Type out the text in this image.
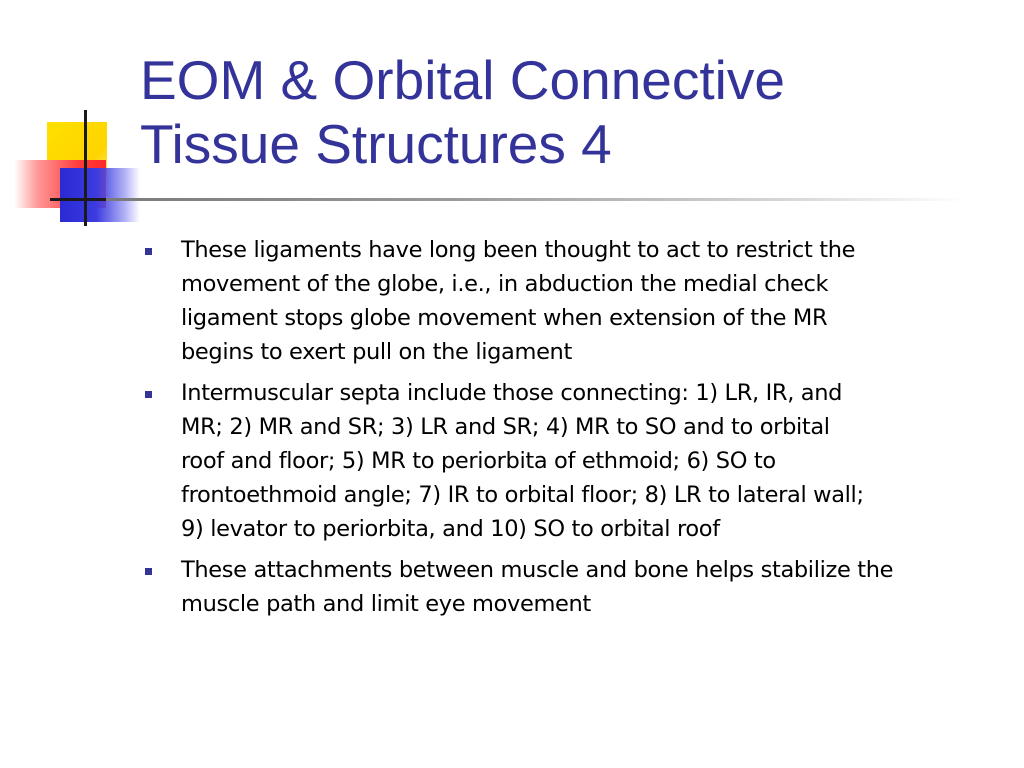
EOM & Orbital Connective
Tissue Structures 4
These ligaments have long been thought to act to restrict the
movement of the globe, i.e., in abduction the medial check
ligament stops globe movement when extension of the MR
begins to exert pull on the ligament
Intermuscular septa include those connecting: 1) LR, IR, and
MR; 2) MR and SR; 3) LR and SR; 4) MR to SO and to orbital
roof and floor; 5) MR to periorbita of ethmoid; 6) SO to
frontoethmoid angle; 7) IR to orbital floor; 8) LR to lateral wall;
9) levator to periorbita, and 10) SO to orbital roof
These attachments between muscle and bone helps stabilize the
muscle path and limit eye movement
